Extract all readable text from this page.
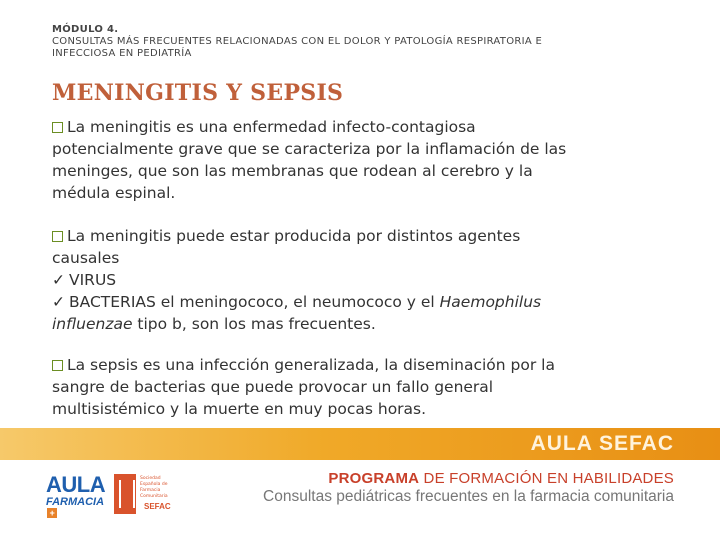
MÓDULO 4.
CONSULTAS MÁS FRECUENTES RELACIONADAS CON EL DOLOR Y PATOLOGÍA RESPIRATORIA E
INFECCIOSA EN PEDIATRÍA
MENINGITIS Y SEPSIS
La meningitis es una enfermedad infecto-contagiosa
potencialmente grave que se caracteriza por la inflamación de las
meninges, que son las membranas que rodean al cerebro y la
médula espinal.
La meningitis puede estar producida por distintos agentes
causales
✓ VIRUS
✓ BACTERIAS el meningococo, el neumococo y el Haemophilus
influenzae tipo b, son los mas frecuentes.
La sepsis es una infección generalizada, la diseminación por la
sangre de bacterias que puede provocar un fallo general
multisistémico y la muerte en muy pocas horas.
AULA SEFAC
AULA
FARMACIA+
Sociedad Española de Farmacia Comunitaria
SEFAC
PROGRAMA DE FORMACIÓN EN HABILIDADES
Consultas pediátricas frecuentes en la farmacia comunitaria
